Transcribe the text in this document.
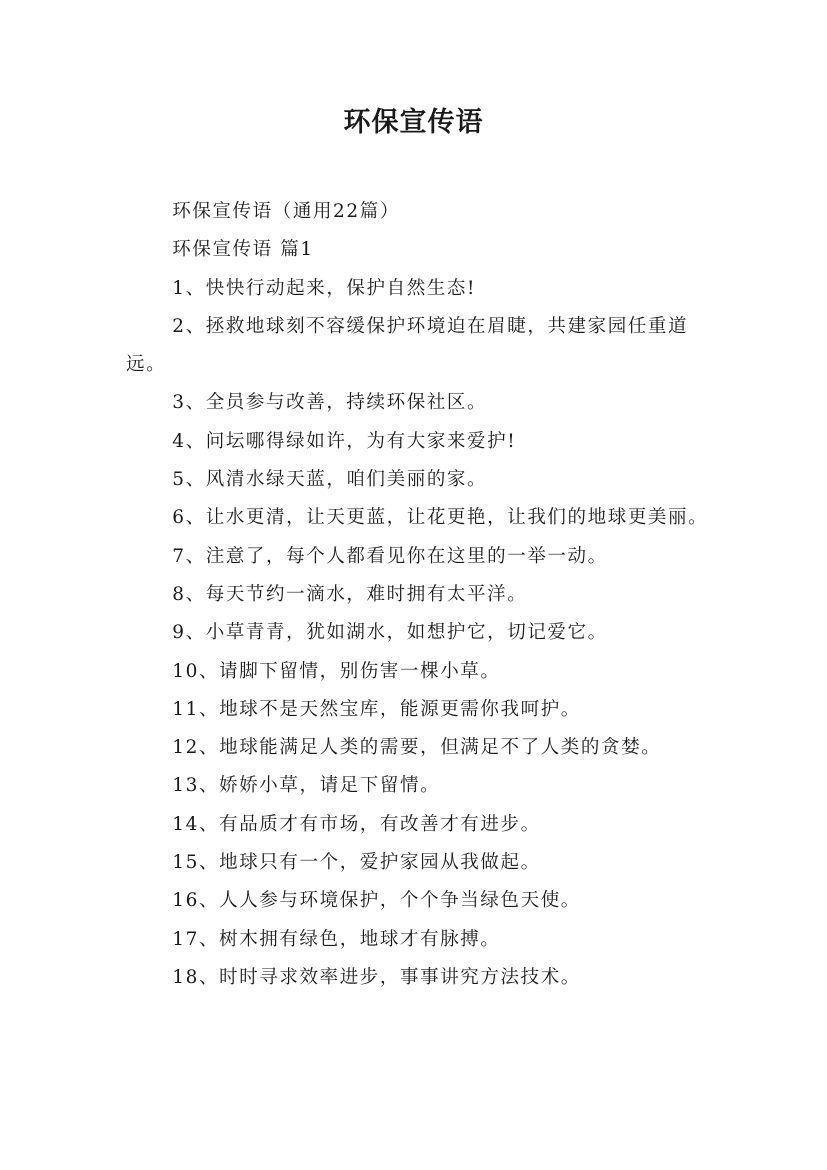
环保宣传语

环保宣传语（通用22篇）

环保宣传语 篇1

1、快快行动起来，保护自然生态!

2、拯救地球刻不容缓保护环境迫在眉睫，共建家园任重道远。

3、全员参与改善，持续环保社区。

4、问坛哪得绿如许，为有大家来爱护!

5、风清水绿天蓝，咱们美丽的家。

6、让水更清，让天更蓝，让花更艳，让我们的地球更美丽。

7、注意了，每个人都看见你在这里的一举一动。

8、每天节约一滴水，难时拥有太平洋。

9、小草青青，犹如湖水，如想护它，切记爱它。

10、请脚下留情，别伤害一棵小草。

11、地球不是天然宝库，能源更需你我呵护。

12、地球能满足人类的需要，但满足不了人类的贪婪。

13、娇娇小草，请足下留情。

14、有品质才有市场，有改善才有进步。

15、地球只有一个，爱护家园从我做起。

16、人人参与环境保护，个个争当绿色天使。

17、树木拥有绿色，地球才有脉搏。

18、时时寻求效率进步，事事讲究方法技术。
